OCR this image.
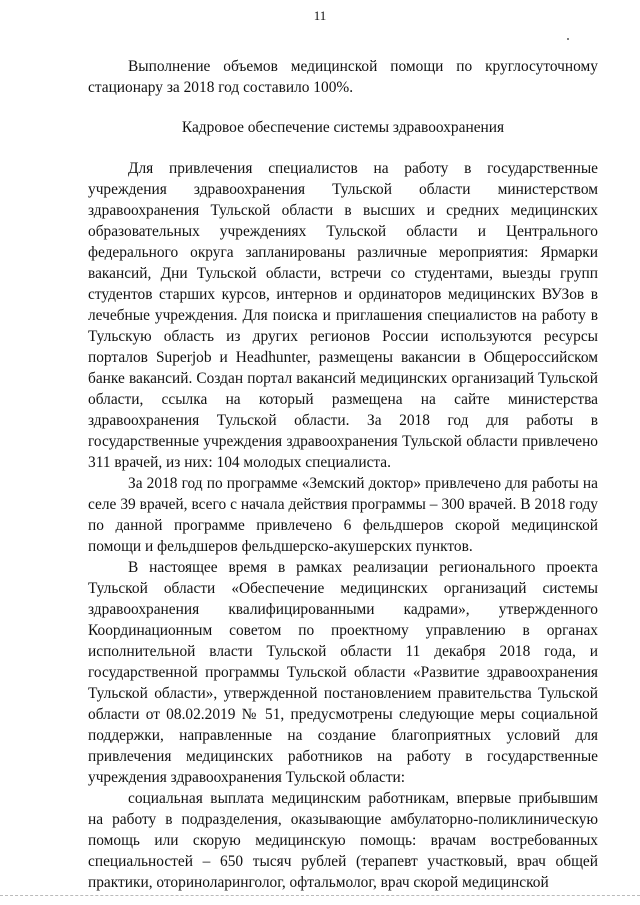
11

Выполнение объемов медицинской помощи по круглосуточному стационару за 2018 год составило 100%.

Кадровое обеспечение системы здравоохранения

Для привлечения специалистов на работу в государственные учреждения здравоохранения Тульской области министерством здравоохранения Тульской области в высших и средних медицинских образовательных учреждениях Тульской области и Центрального федерального округа запланированы различные мероприятия: Ярмарки вакансий, Дни Тульской области, встречи со студентами, выезды групп студентов старших курсов, интернов и ординаторов медицинских ВУЗов в лечебные учреждения. Для поиска и приглашения специалистов на работу в Тульскую область из других регионов России используются ресурсы порталов Superjob и Headhunter, размещены вакансии в Общероссийском банке вакансий. Создан портал вакансий медицинских организаций Тульской области, ссылка на который размещена на сайте министерства здравоохранения Тульской области. За 2018 год для работы в государственные учреждения здравоохранения Тульской области привлечено 311 врачей, из них: 104 молодых специалиста.

За 2018 год по программе «Земский доктор» привлечено для работы на селе 39 врачей, всего с начала действия программы – 300 врачей. В 2018 году по данной программе привлечено 6 фельдшеров скорой медицинской помощи и фельдшеров фельдшерско-акушерских пунктов.

В настоящее время в рамках реализации регионального проекта Тульской области «Обеспечение медицинских организаций системы здравоохранения квалифицированными кадрами», утвержденного Координационным советом по проектному управлению в органах исполнительной власти Тульской области 11 декабря 2018 года, и государственной программы Тульской области «Развитие здравоохранения Тульской области», утвержденной постановлением правительства Тульской области от 08.02.2019 № 51, предусмотрены следующие меры социальной поддержки, направленные на создание благоприятных условий для привлечения медицинских работников на работу в государственные учреждения здравоохранения Тульской области:

социальная выплата медицинским работникам, впервые прибывшим на работу в подразделения, оказывающие амбулаторно-поликлиническую помощь или скорую медицинскую помощь: врачам востребованных специальностей – 650 тысяч рублей (терапевт участковый, врач общей практики, оториноларинголог, офтальмолог, врач скорой медицинской
